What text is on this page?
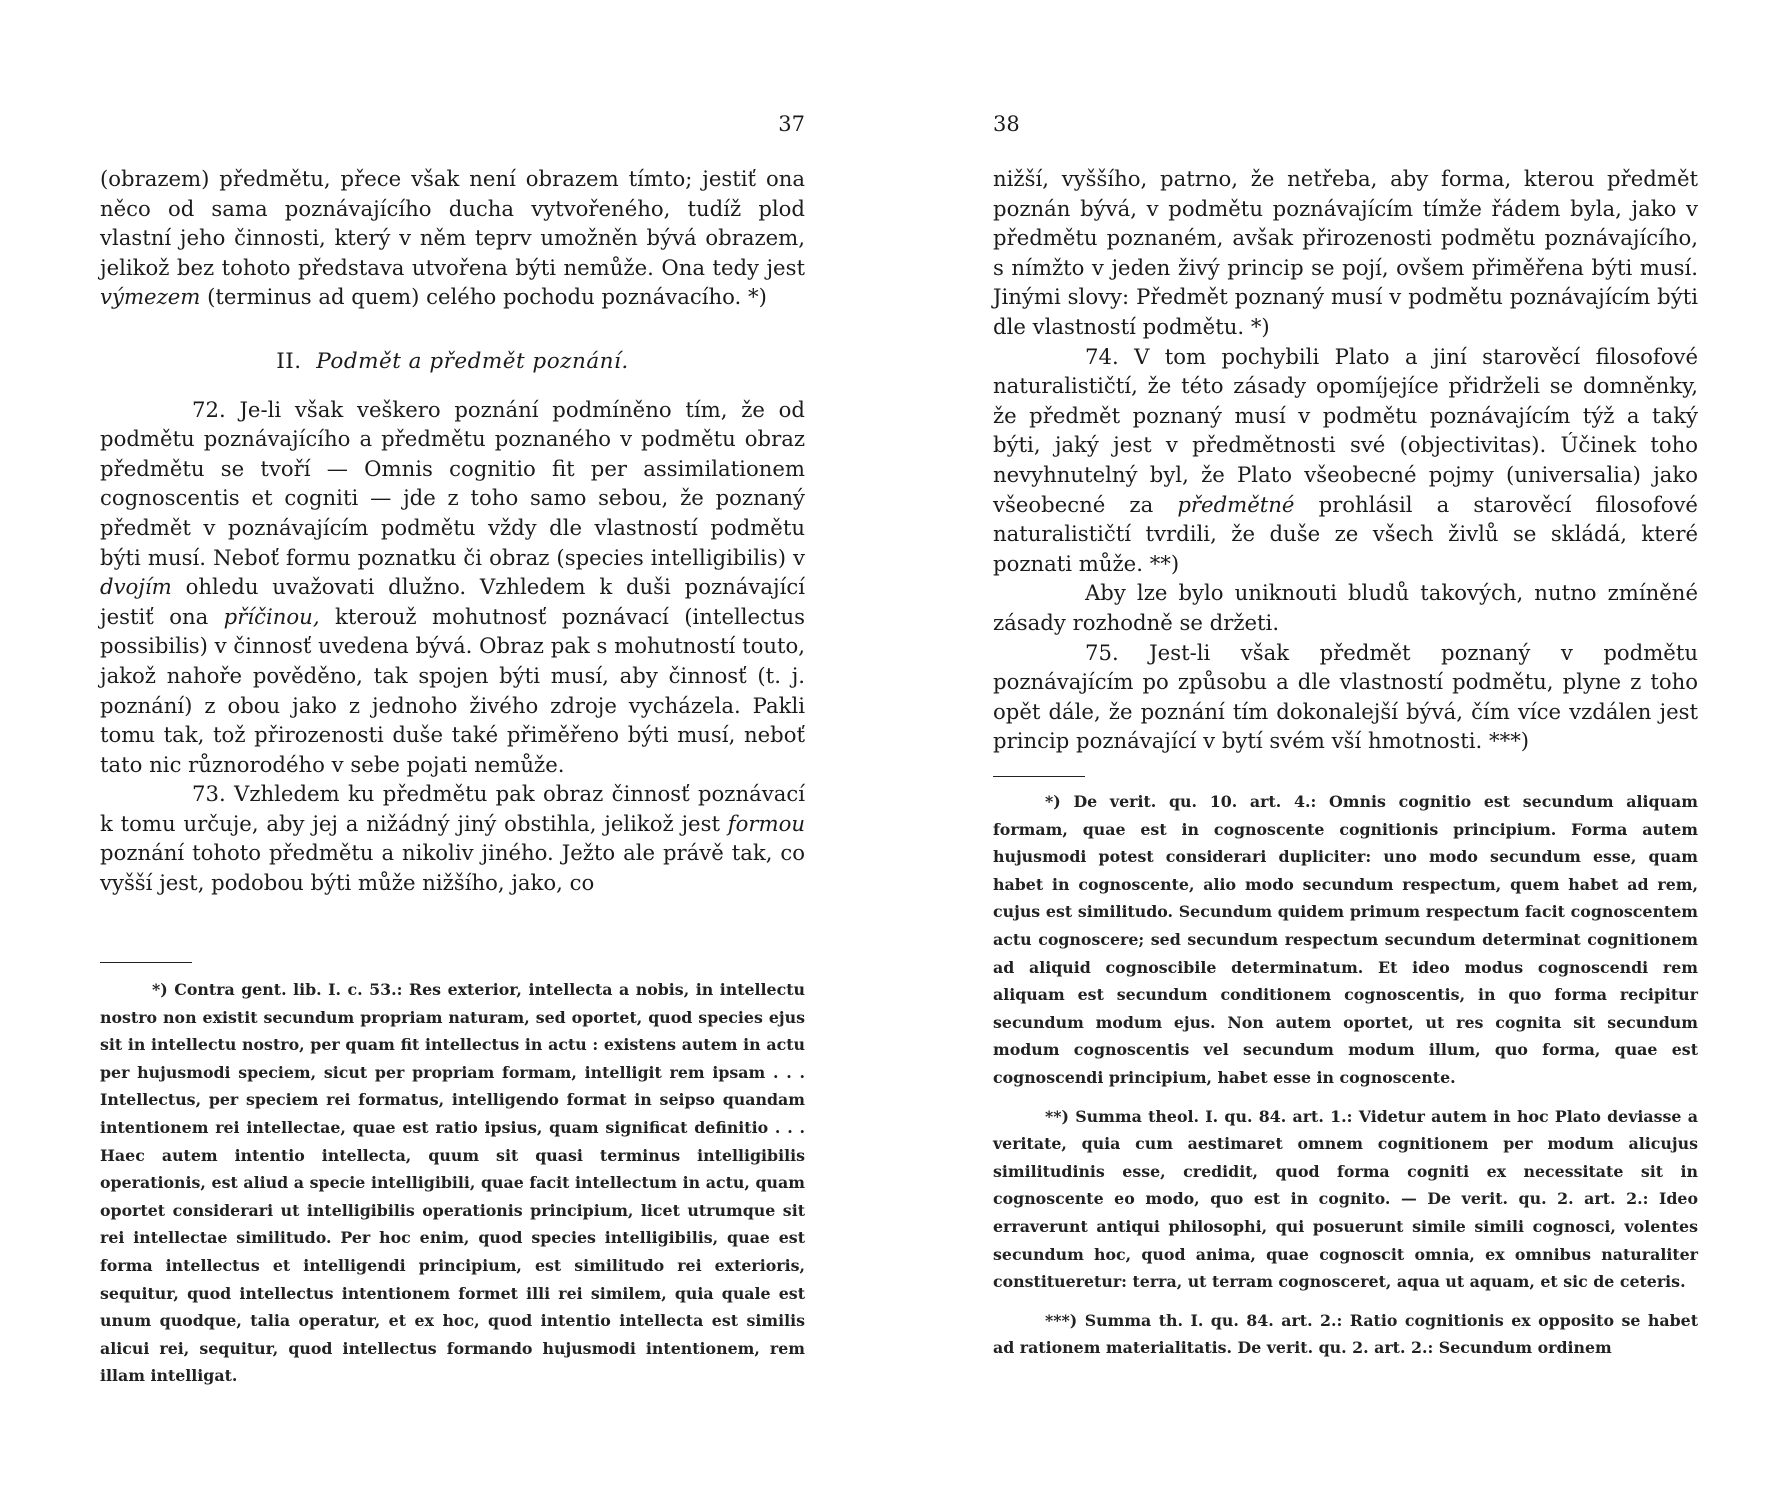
37

(obrazem) předmětu, přece však není obrazem tímto; jestiť ona něco od sama poznávajícího ducha vytvořeného, tudíž plod vlastní jeho činnosti, který v něm teprv umožněn bývá obrazem, jelikož bez tohoto představa utvořena býti nemůže. Ona tedy jest výmezem (terminus ad quem) celého pochodu poznávacího. *)

II. Podmět a předmět poznání.

72. Je-li však veškero poznání podmíněno tím, že od podmětu poznávajícího a předmětu poznaného v podmětu obraz předmětu se tvoří — Omnis cognitio fit per assimilationem cognoscentis et cogniti — jde z toho samo sebou, že poznaný předmět v poznávajícím podmětu vždy dle vlastností podmětu býti musí. Neboť formu poznatku či obraz (species intelligibilis) v dvojím ohledu uvažovati dlužno. Vzhledem k duši poznávající jestiť ona příčinou, kterouž mohutnosť poznávací (intellectus possibilis) v činnosť uvedena bývá. Obraz pak s mohutností touto, jakož nahoře pověděno, tak spojen býti musí, aby činnosť (t. j. poznání) z obou jako z jednoho živého zdroje vycházela. Pakli tomu tak, tož přirozenosti duše také přiměřeno býti musí, neboť tato nic různorodého v sebe pojati nemůže.

73. Vzhledem ku předmětu pak obraz činnosť poznávací k tomu určuje, aby jej a nižádný jiný obstihla, jelikož jest formou poznání tohoto předmětu a nikoliv jiného. Ježto ale právě tak, co vyšší jest, podobou býti může nižšího, jako, co

*) Contra gent. lib. I. c. 53.: Res exterior, intellecta a nobis, in intellectu nostro non existit secundum propriam naturam, sed oportet, quod species ejus sit in intellectu nostro, per quam fit intellectus in actu : existens autem in actu per hujusmodi speciem, sicut per propriam formam, intelligit rem ipsam . . . Intellectus, per speciem rei formatus, intelligendo format in seipso quandam intentionem rei intellectae, quae est ratio ipsius, quam significat definitio . . . Haec autem intentio intellecta, quum sit quasi terminus intelligibilis operationis, est aliud a specie intelligibili, quae facit intellectum in actu, quam oportet considerari ut intelligibilis operationis principium, licet utrumque sit rei intellectae similitudo. Per hoc enim, quod species intelligibilis, quae est forma intellectus et intelligendi principium, est similitudo rei exterioris, sequitur, quod intellectus intentionem formet illi rei similem, quia quale est unum quodque, talia operatur, et ex hoc, quod intentio intellecta est similis alicui rei, sequitur, quod intellectus formando hujusmodi intentionem, rem illam intelligat.

38

nižší, vyššího, patrno, že netřeba, aby forma, kterou předmět poznán bývá, v podmětu poznávajícím tímže řádem byla, jako v předmětu poznaném, avšak přirozenosti podmětu poznávajícího, s nímžto v jeden živý princip se pojí, ovšem přiměřena býti musí. Jinými slovy: Předmět poznaný musí v podmětu poznávajícím býti dle vlastností podmětu. *)

74. V tom pochybili Plato a jiní starověcí filosofové naturalističtí, že této zásady opomíjejíce přidrželi se domněnky, že předmět poznaný musí v podmětu poznávajícím týž a taký býti, jaký jest v předmětnosti své (objectivitas). Účinek toho nevyhnutelný byl, že Plato všeobecné pojmy (universalia) jako všeobecné za předmětné prohlásil a starověcí filosofové naturalističtí tvrdili, že duše ze všech živlů se skládá, které poznati může. **)

Aby lze bylo uniknouti bludů takových, nutno zmíněné zásady rozhodně se držeti.

75. Jest-li však předmět poznaný v podmětu poznávajícím po způsobu a dle vlastností podmětu, plyne z toho opět dále, že poznání tím dokonalejší bývá, čím více vzdálen jest princip poznávající v bytí svém vší hmotnosti. ***)

*) De verit. qu. 10. art. 4.: Omnis cognitio est secundum aliquam formam, quae est in cognoscente cognitionis principium. Forma autem hujusmodi potest considerari dupliciter: uno modo secundum esse, quam habet in cognoscente, alio modo secundum respectum, quem habet ad rem, cujus est similitudo. Secundum quidem primum respectum facit cognoscentem actu cognoscere; sed secundum respectum secundum determinat cognitionem ad aliquid cognoscibile determinatum. Et ideo modus cognoscendi rem aliquam est secundum conditionem cognoscentis, in quo forma recipitur secundum modum ejus. Non autem oportet, ut res cognita sit secundum modum cognoscentis vel secundum modum illum, quo forma, quae est cognoscendi principium, habet esse in cognoscente.

**) Summa theol. I. qu. 84. art. 1.: Videtur autem in hoc Plato deviasse a veritate, quia cum aestimaret omnem cognitionem per modum alicujus similitudinis esse, credidit, quod forma cogniti ex necessitate sit in cognoscente eo modo, quo est in cognito. — De verit. qu. 2. art. 2.: Ideo erraverunt antiqui philosophi, qui posuerunt simile simili cognosci, volentes secundum hoc, quod anima, quae cognoscit omnia, ex omnibus naturaliter constitueretur: terra, ut terram cognosceret, aqua ut aquam, et sic de ceteris.

***) Summa th. I. qu. 84. art. 2.: Ratio cognitionis ex opposito se habet ad rationem materialitatis. De verit. qu. 2. art. 2.: Secundum ordinem
